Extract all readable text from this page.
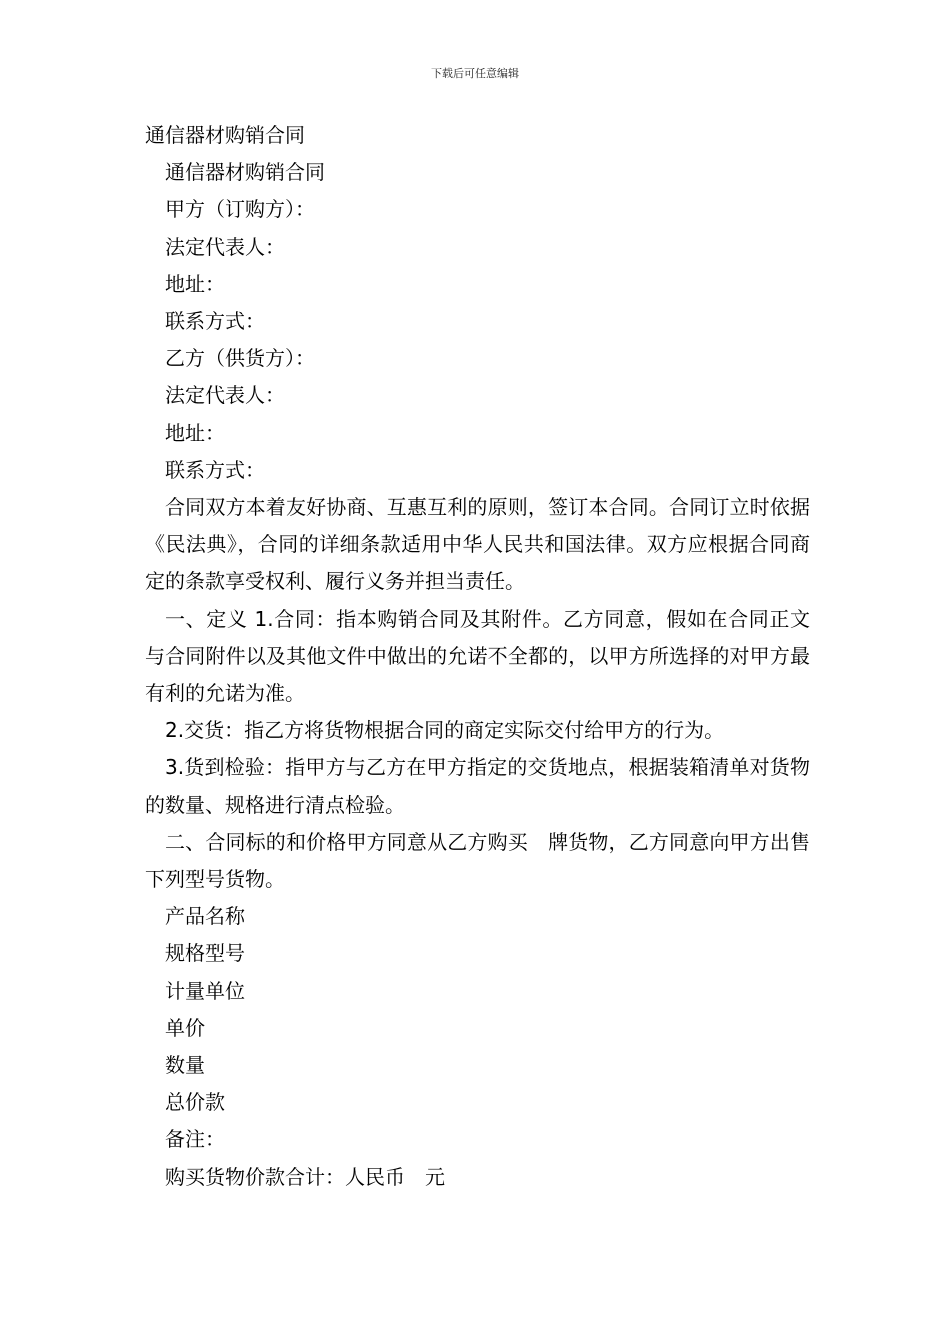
下载后可任意编辑

通信器材购销合同

通信器材购销合同

甲方（订购方）：

法定代表人：

地址：

联系方式：

乙方（供货方）：

法定代表人：

地址：

联系方式：

合同双方本着友好协商、互惠互利的原则，签订本合同。合同订立时依据《民法典》，合同的详细条款适用中华人民共和国法律。双方应根据合同商定的条款享受权利、履行义务并担当责任。

一、定义 1.合同：指本购销合同及其附件。乙方同意，假如在合同正文与合同附件以及其他文件中做出的允诺不全都的，以甲方所选择的对甲方最有利的允诺为准。

2.交货：指乙方将货物根据合同的商定实际交付给甲方的行为。

3.货到检验：指甲方与乙方在甲方指定的交货地点，根据装箱清单对货物的数量、规格进行清点检验。

二、合同标的和价格甲方同意从乙方购买　牌货物，乙方同意向甲方出售下列型号货物。

产品名称

规格型号

计量单位

单价

数量

总价款

备注：

购买货物价款合计：人民币　元
